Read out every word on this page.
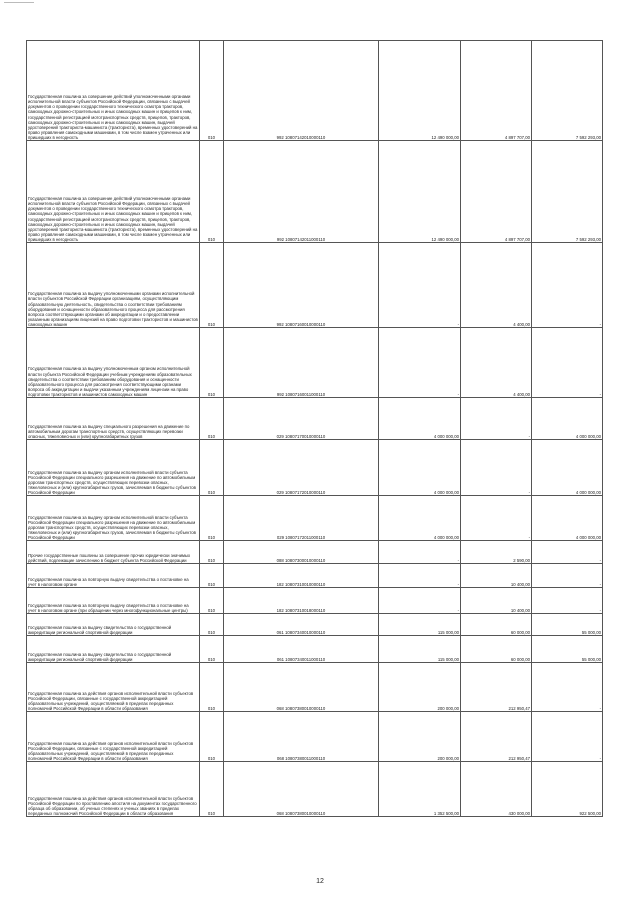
Государственная пошлина за совершение действий уполномоченными органами исполнительной власти субъектов Российской Федерации, связанных с выдачей документов о проведении государственного технического осмотра тракторов, самоходных дорожно-строительных и иных самоходных машин и прицепов к ним, государственной регистрацией мототранспортных средств, прицепов, тракторов, самоходных дорожно-строительных и иных самоходных машин, выдачей удостоверений тракториста-машиниста (тракториста), временных удостоверений на право управления самоходными машинами, в том числе взамен утраченных или пришедших в негодность	010	992 10807142010000110	12 490 000,00	4 897 707,00	7 592 293,00
Государственная пошлина за совершение действий уполномоченными органами исполнительной власти субъектов Российской Федерации, связанных с выдачей документов о проведении государственного технического осмотра тракторов, самоходных дорожно-строительных и иных самоходных машин и прицепов к ним, государственной регистрацией мототранспортных средств, прицепов, тракторов, самоходных дорожно-строительных и иных самоходных машин, выдачей удостоверений тракториста-машиниста (тракториста), временных удостоверений на право управления самоходными машинами, в том числе взамен утраченных или пришедших в негодность	010	992 10807142011000110	12 490 000,00	4 897 707,00	7 592 293,00
Государственная пошлина за выдачу уполномоченными органами исполнительной власти субъектов Российской Федерации организациям, осуществляющим образовательную деятельность, свидетельства о соответствии требованиям оборудования и оснащенности образовательного процесса для рассмотрения вопроса соответствующими органами об аккредитации и о предоставлении указанным организациям лицензий на право подготовки трактористов и машинистов самоходных машин	010	992 10807160010000110	-	4 400,00	-
Государственная пошлина за выдачу уполномоченным органом исполнительной власти субъекта Российской Федерации учебным учреждениям образовательных свидетельства о соответствии требованиям оборудования и оснащенности образовательного процесса для рассмотрения соответствующими органами вопроса об аккредитации и выдачи указанным учреждениям лицензии на право подготовки трактористов и машинистов самоходных машин	010	992 10807160011000110	-	4 400,00	-
Государственная пошлина за выдачу специального разрешения на движение по автомобильным дорогам транспортных средств, осуществляющих перевозки опасных, тяжеловесных и (или) крупногабаритных грузов	010	029 10807170010000110	4 000 000,00	-	4 000 000,00
Государственная пошлина за выдачу органом исполнительной власти субъекта Российской Федерации специального разрешения на движение по автомобильным дорогам транспортных средств, осуществляющих перевозки опасных, тяжеловесных и (или) крупногабаритных грузов, зачисляемая в бюджеты субъектов Российской Федерации	010	029 10807172010000110	4 000 000,00	-	4 000 000,00
Государственная пошлина за выдачу органом исполнительной власти субъекта Российской Федерации специального разрешения на движение по автомобильным дорогам транспортных средств, осуществляющих перевозки опасных, тяжеловесных и (или) крупногабаритных грузов, зачисляемая в бюджеты субъектов Российской Федерации	010	029 10807172011000110	4 000 000,00	-	4 000 000,00
Прочие государственные пошлины за совершение прочих юридически значимых действий, подлежащие зачислению в бюджет субъекта Российской Федерации	010	088 10807300010000110	-	2 590,00	-
Государственная пошлина за повторную выдачу свидетельства о постановке на учет в налоговом органе	010	182 10807310010000110	-	10 400,00	-
Государственная пошлина за повторную выдачу свидетельства о постановке на учет в налоговом органе (при обращении через многофункциональные центры)	010	182 10807310018000110	-	10 400,00	-
Государственная пошлина за выдачу свидетельства о государственной аккредитации региональной спортивной федерации	010	061 10807340010000110	115 000,00	60 000,00	55 000,00
Государственная пошлина за выдачу свидетельства о государственной аккредитации региональной спортивной федерации	010	061 10807340011000110	115 000,00	60 000,00	55 000,00
Государственная пошлина за действия органов исполнительной власти субъектов Российской Федерации, связанные с государственной аккредитацией образовательных учреждений, осуществляемой в пределах переданных полномочий Российской Федерации в области образования	010	068 10807380010000110	200 000,00	212 950,47	-
Государственная пошлина за действия органов исполнительной власти субъектов Российской Федерации, связанные с государственной аккредитацией образовательных учреждений, осуществляемой в пределах переданных полномочий Российской Федерации в области образования	010	068 10807380011000110	200 000,00	212 950,47	-
Государственная пошлина за действия органов исполнительной власти субъектов Российской Федерации по проставлению апостиля на документах государственного образца об образовании, об ученых степенях и ученых званиях в пределах переданных полномочий Российской Федерации в области образования	010	068 10807380010000110	1 352 500,00	430 000,00	922 500,00
12
